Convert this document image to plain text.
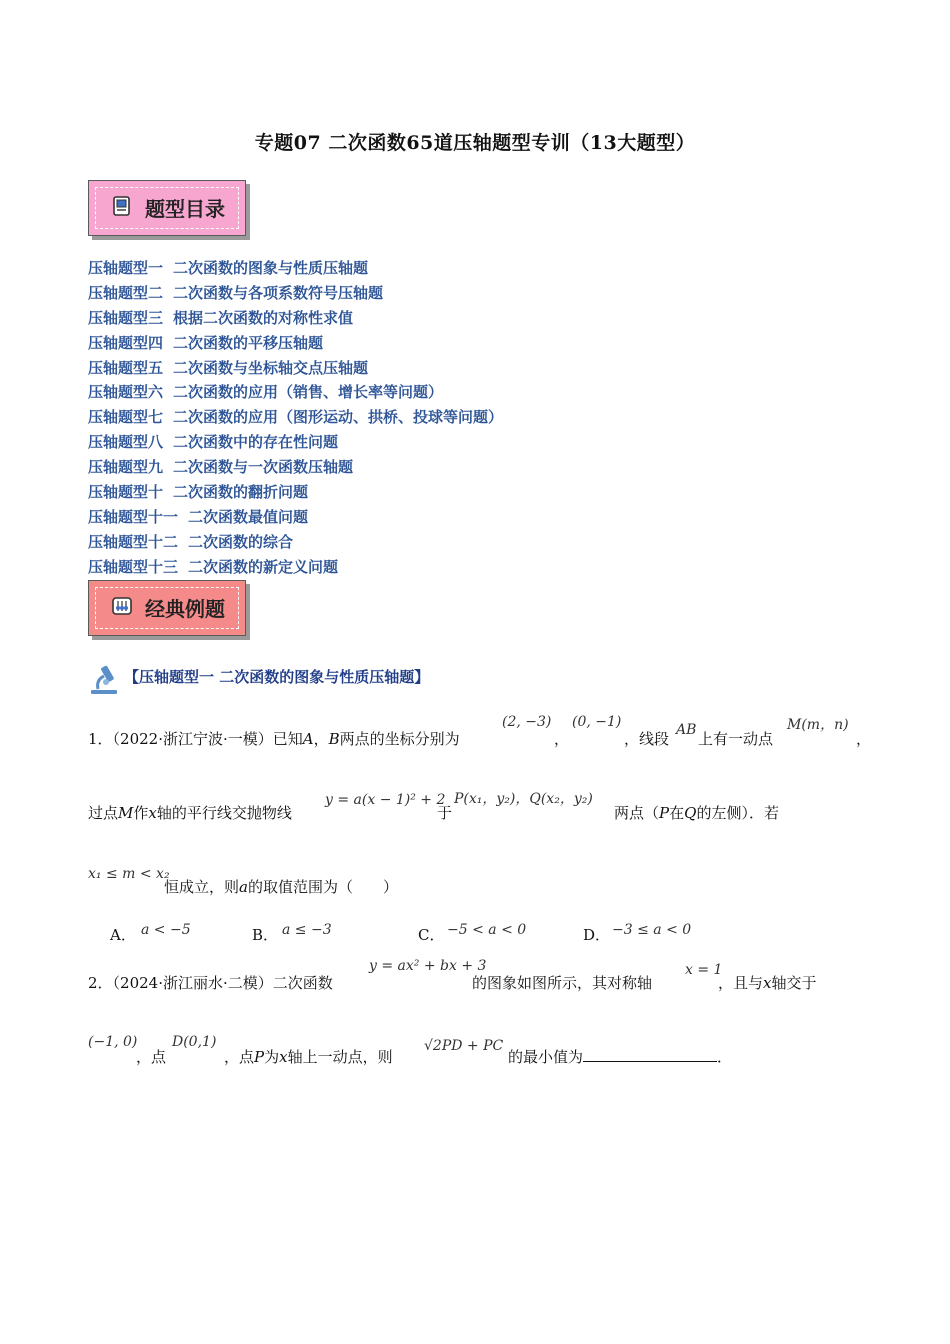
专题07 二次函数65道压轴题型专训（13大题型）
题型目录
压轴题型一 二次函数的图象与性质压轴题
压轴题型二 二次函数与各项系数符号压轴题
压轴题型三 根据二次函数的对称性求值
压轴题型四 二次函数的平移压轴题
压轴题型五 二次函数与坐标轴交点压轴题
压轴题型六 二次函数的应用（销售、增长率等问题）
压轴题型七 二次函数的应用（图形运动、拱桥、投球等问题）
压轴题型八 二次函数中的存在性问题
压轴题型九 二次函数与一次函数压轴题
压轴题型十 二次函数的翻折问题
压轴题型十一 二次函数最值问题
压轴题型十二 二次函数的综合
压轴题型十三 二次函数的新定义问题
经典例题
【压轴题型一 二次函数的图象与性质压轴题】
1．（2022·浙江宁波·一模）已知A，B两点的坐标分别为
(2, −3)
，
(0, −1)
，线段 AB 上有一动点
M(m，n)
，
过点M作x轴的平行线交抛物线
y = a(x − 1)² + 2
于
P(x₁，y₂)，Q(x₂，y₂)
两点（P在Q的左侧）．若
x₁ ≤ m < x₂
恒成立，则a的取值范围为（　　）
A． a < −5	B． a ≤ −3	C． −5 < a < 0	D． −3 ≤ a < 0
2．（2024·浙江丽水·二模）二次函数
y = ax² + bx + 3
的图象如图所示，其对称轴
x = 1
，且与x轴交于
(−1, 0)
，点
D(0,1)
，点P为x轴上一动点，则
√2PD + PC
的最小值为	．
